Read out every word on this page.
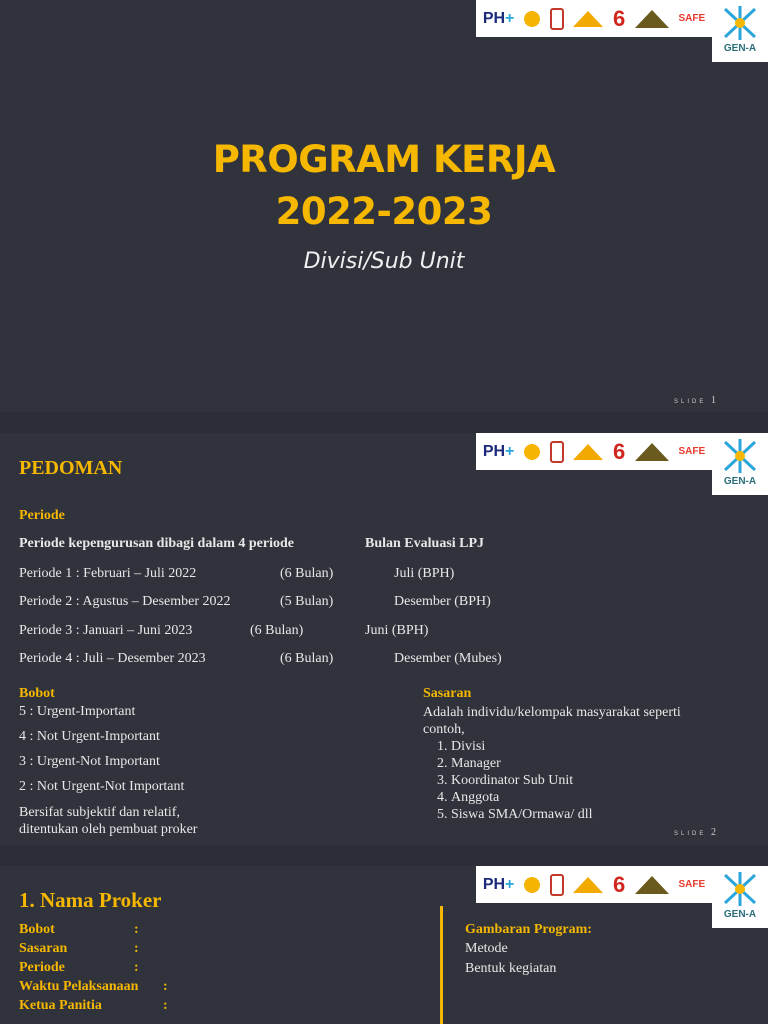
PH+	6	SAFE
GEN-A
PROGRAM KERJA
2022-2023
Divisi/Sub Unit
SLIDE 1
PH+	6	SAFE
GEN-A
PEDOMAN
Periode
Periode kepengurusan dibagi dalam 4 periode	Bulan Evaluasi LPJ
Periode 1 : Februari – Juli 2022	(6 Bulan)	Juli (BPH)
Periode 2 : Agustus – Desember 2022	(5 Bulan)	Desember (BPH)
Periode 3 : Januari – Juni 2023	(6 Bulan)	Juni (BPH)
Periode 4 : Juli – Desember 2023	(6 Bulan)	Desember (Mubes)
Bobot
5 : Urgent-Important
4 : Not Urgent-Important
3 : Urgent-Not Important
2 : Not Urgent-Not Important
Bersifat subjektif dan relatif,
ditentukan oleh pembuat proker
Sasaran
Adalah individu/kelompak masyarakat seperti
contoh,
1. Divisi
2. Manager
3. Koordinator Sub Unit
4. Anggota
5. Siswa SMA/Ormawa/ dll
SLIDE 2
PH+	6	SAFE
GEN-A
1. Nama Proker
Bobot	:
Sasaran	:
Periode	:
Waktu Pelaksanaan :
Ketua Panitia	:
Gambaran Program:
Metode
Bentuk kegiatan
